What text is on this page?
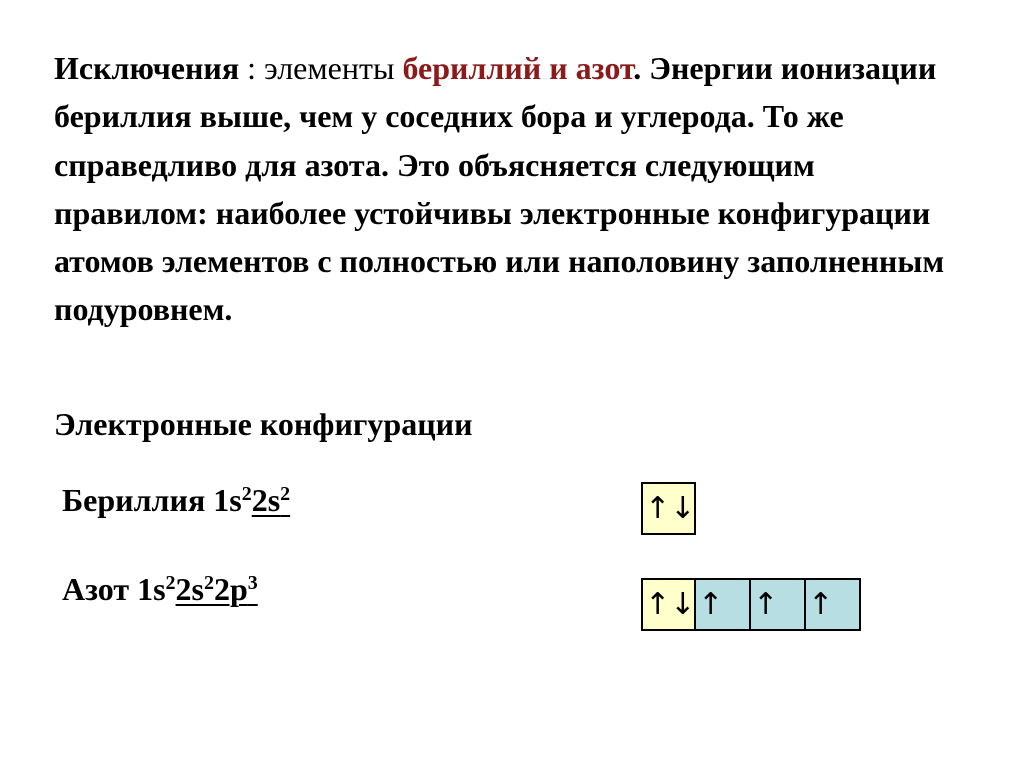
Исключения : элементы бериллий и азот. Энергии ионизации бериллия выше, чем у соседних бора и углерода. То же справедливо для азота. Это объясняется следующим правилом: наиболее устойчивы электронные конфигурации атомов элементов с полностью или наполовину заполненным подуровнем.

Электронные конфигурации

Бериллия $1s^22s^2$
Азот $1s^22s^22p^3$
↑↓
↑↓ ↑ ↑ ↑
